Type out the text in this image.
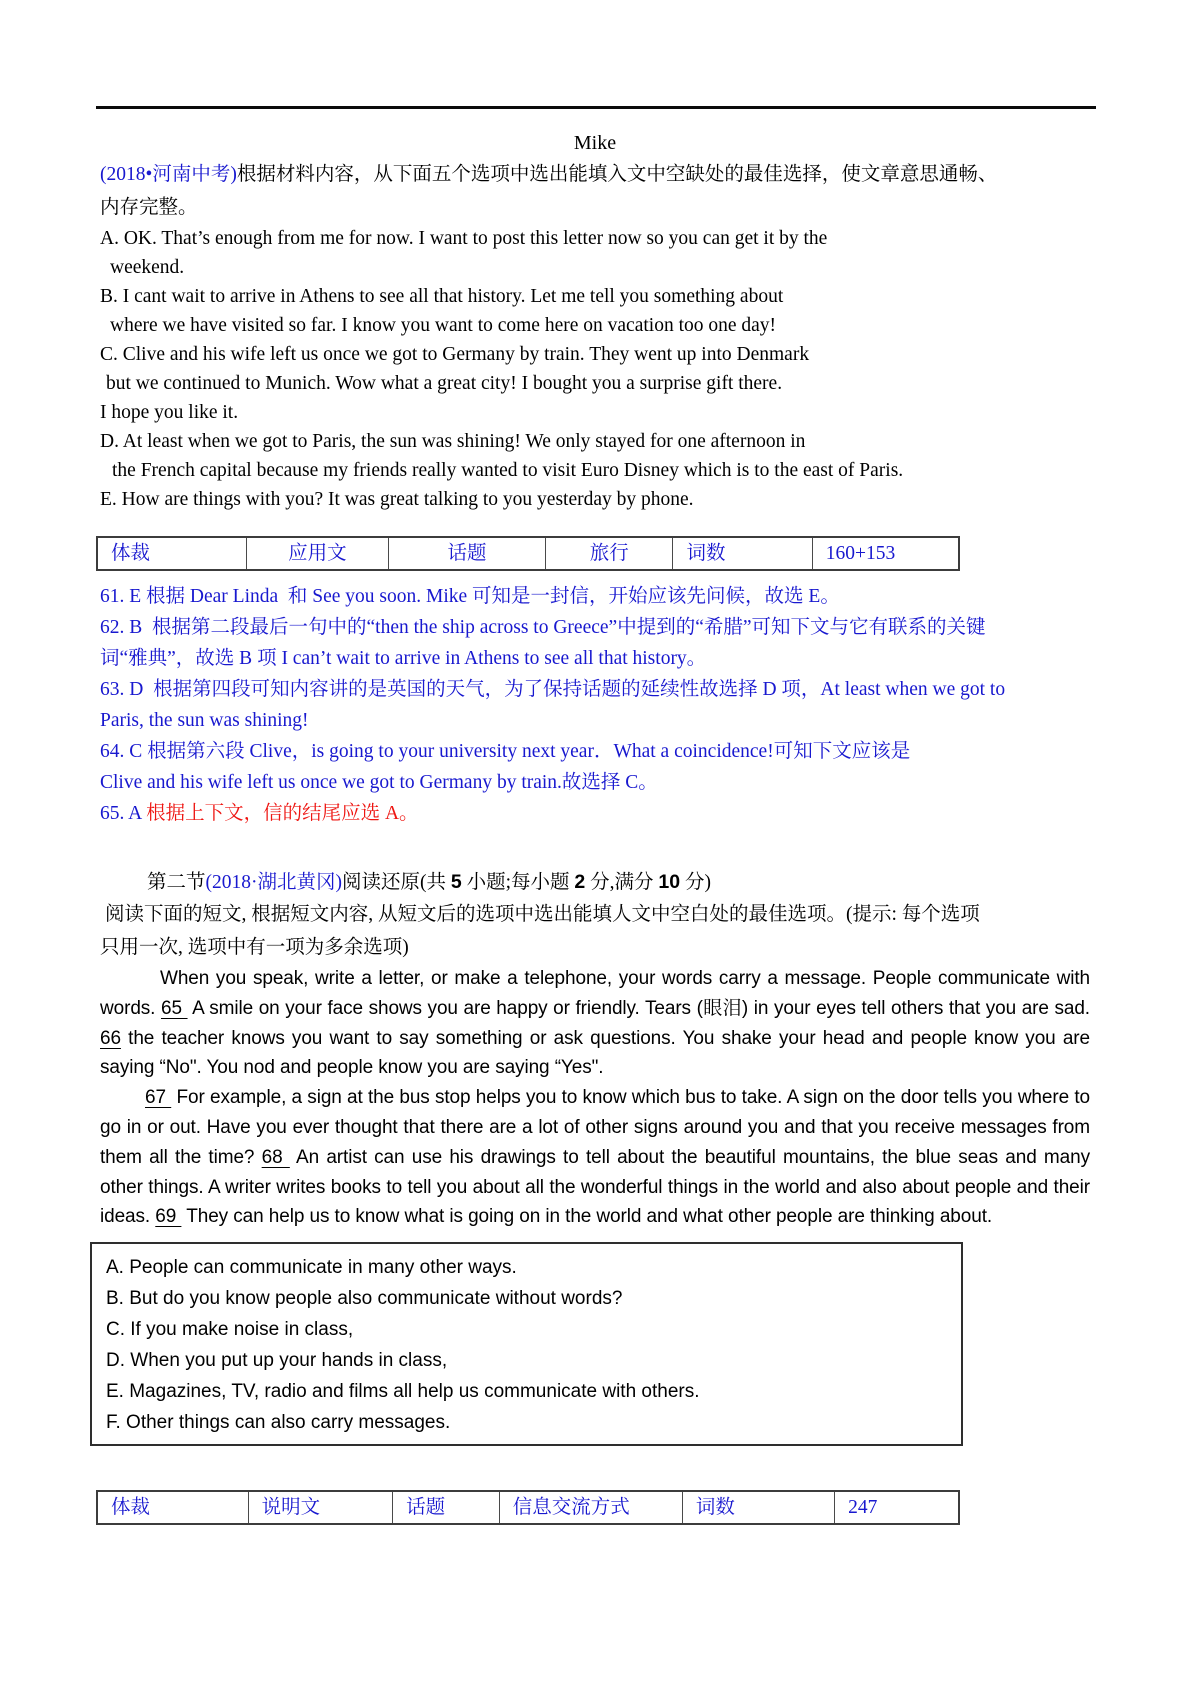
Mike
(2018•河南中考)根据材料内容，从下面五个选项中选出能填入文中空缺处的最佳选择，使文章意思通畅、
内存完整。
A. OK. That’s enough from me for now. I want to post this letter now so you can get it by the
weekend.
B. I cant wait to arrive in Athens to see all that history. Let me tell you something about
where we have visited so far. I know you want to come here on vacation too one day!
C. Clive and his wife left us once we got to Germany by train. They went up into Denmark
but we continued to Munich. Wow what a great city! I bought you a surprise gift there.
I hope you like it.
D. At least when we got to Paris, the sun was shining! We only stayed for one afternoon in
the French capital because my friends really wanted to visit Euro Disney which is to the east of Paris.
E. How are things with you? It was great talking to you yesterday by phone.
体裁	应用文	话题	旅行	词数	160+153
61. E 根据 Dear Linda  和 See you soon. Mike 可知是一封信，开始应该先问候，故选 E。
62. B  根据第二段最后一句中的“then the ship across to Greece”中提到的“希腊”可知下文与它有联系的关键
词“雅典”，故选 B 项 I can’t wait to arrive in Athens to see all that history。
63. D  根据第四段可知内容讲的是英国的天气，为了保持话题的延续性故选择 D 项，At least when we got to
Paris, the sun was shining!
64. C 根据第六段 Clive，is going to your university next year．What a coincidence!可知下文应该是
Clive and his wife left us once we got to Germany by train.故选择 C。
65. A 根据上下文，信的结尾应选 A。
第二节(2018·湖北黄冈)阅读还原(共 5 小题;每小题 2 分,满分 10 分)
阅读下面的短文, 根据短文内容, 从短文后的选项中选出能填人文中空白处的最佳选项。(提示: 每个选项
只用一次, 选项中有一项为多余选项)

When you speak, write a letter, or make a telephone, your words carry a message. People communicate with words. 65  A smile on your face shows you are happy or friendly. Tears (眼泪) in your eyes tell others that you are sad. 66 the teacher knows you want to say something or ask questions. You shake your head and people know you are saying “No". You nod and people know you are saying “Yes".

67  For example, a sign at the bus stop helps you to know which bus to take. A sign on the door tells you where to go in or out. Have you ever thought that there are a lot of other signs around you and that you receive messages from them all the time? 68  An artist can use his drawings to tell about the beautiful mountains, the blue seas and many other things. A writer writes books to tell you about all the wonderful things in the world and also about people and their ideas. 69  They can help us to know what is going on in the world and what other people are thinking about.

A. People can communicate in many other ways.
B. But do you know people also communicate without words?
C. If you make noise in class,
D. When you put up your hands in class,
E. Magazines, TV, radio and films all help us communicate with others.
F. Other things can also carry messages.
体裁	说明文	话题	信息交流方式	词数	247
